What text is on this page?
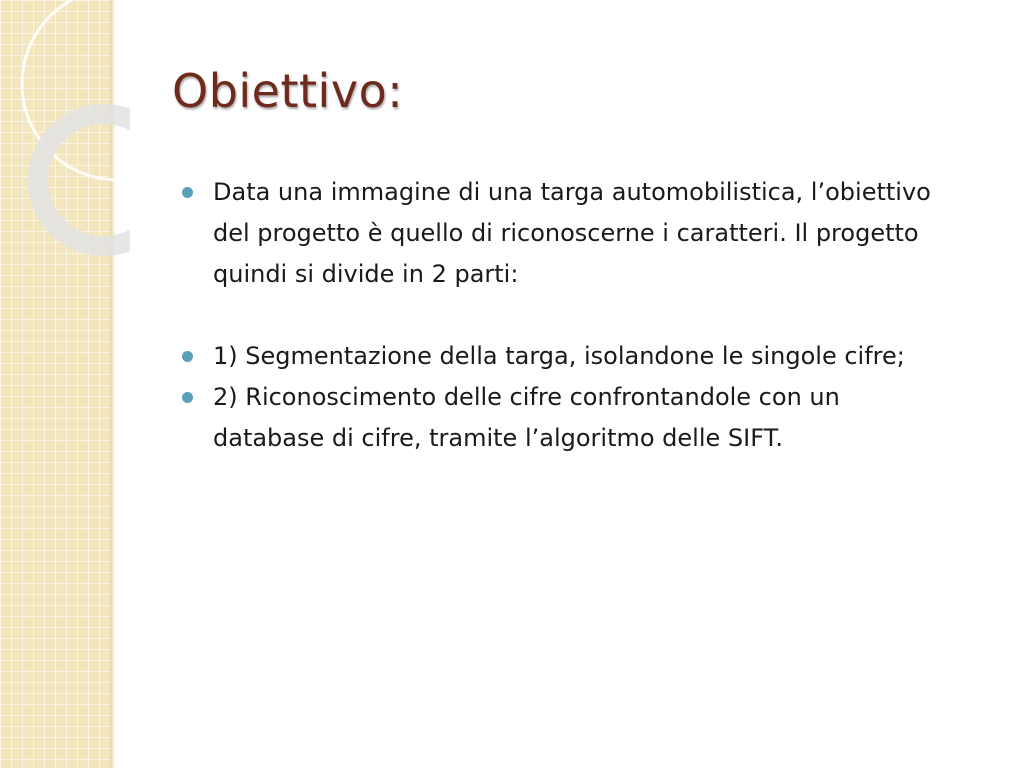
Obiettivo:
Data una immagine di una targa automobilistica, l’obiettivo del progetto è quello di riconoscerne i caratteri. Il progetto quindi si divide in 2 parti:
1) Segmentazione della targa, isolandone le singole cifre;
2) Riconoscimento delle cifre confrontandole con un database di cifre, tramite l’algoritmo delle SIFT.
